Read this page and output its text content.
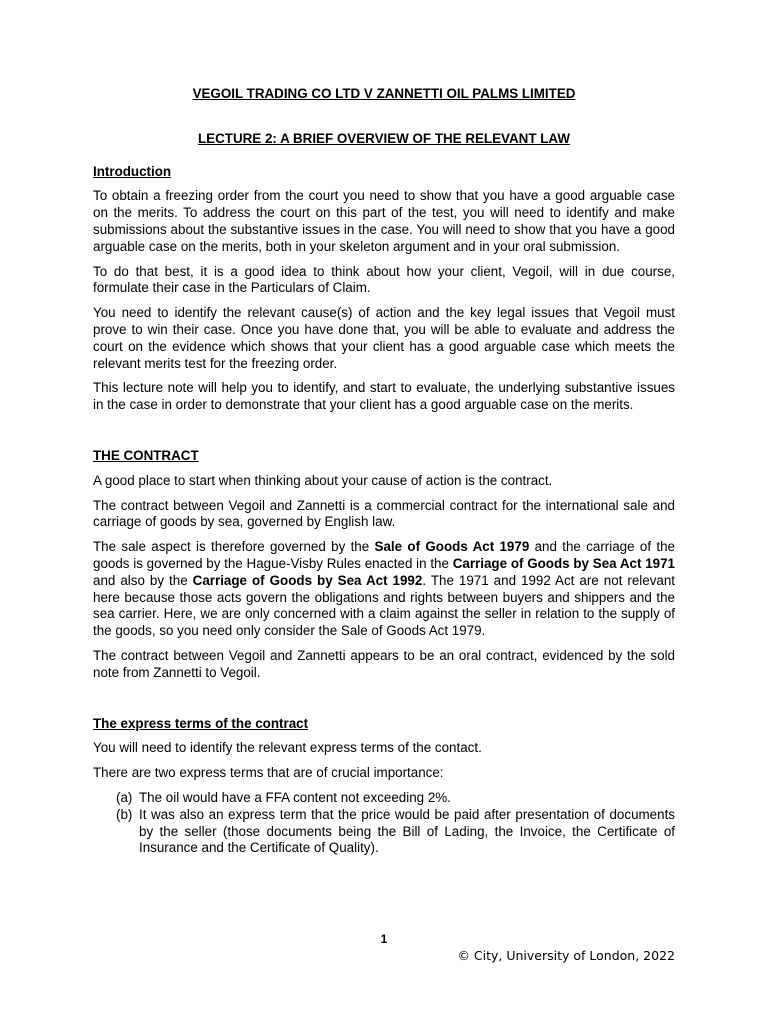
VEGOIL TRADING CO LTD V ZANNETTI OIL PALMS LIMITED
LECTURE 2: A BRIEF OVERVIEW OF THE RELEVANT LAW
Introduction

To obtain a freezing order from the court you need to show that you have a good arguable case on the merits. To address the court on this part of the test, you will need to identify and make submissions about the substantive issues in the case. You will need to show that you have a good arguable case on the merits, both in your skeleton argument and in your oral submission.

To do that best, it is a good idea to think about how your client, Vegoil, will in due course, formulate their case in the Particulars of Claim.

You need to identify the relevant cause(s) of action and the key legal issues that Vegoil must prove to win their case. Once you have done that, you will be able to evaluate and address the court on the evidence which shows that your client has a good arguable case which meets the relevant merits test for the freezing order.

This lecture note will help you to identify, and start to evaluate, the underlying substantive issues in the case in order to demonstrate that your client has a good arguable case on the merits.

THE CONTRACT

A good place to start when thinking about your cause of action is the contract.

The contract between Vegoil and Zannetti is a commercial contract for the international sale and carriage of goods by sea, governed by English law.

The sale aspect is therefore governed by the Sale of Goods Act 1979 and the carriage of the goods is governed by the Hague-Visby Rules enacted in the Carriage of Goods by Sea Act 1971 and also by the Carriage of Goods by Sea Act 1992. The 1971 and 1992 Act are not relevant here because those acts govern the obligations and rights between buyers and shippers and the sea carrier. Here, we are only concerned with a claim against the seller in relation to the supply of the goods, so you need only consider the Sale of Goods Act 1979.

The contract between Vegoil and Zannetti appears to be an oral contract, evidenced by the sold note from Zannetti to Vegoil.

The express terms of the contract

You will need to identify the relevant express terms of the contact.

There are two express terms that are of crucial importance:

(a) The oil would have a FFA content not exceeding 2%.
(b) It was also an express term that the price would be paid after presentation of documents by the seller (those documents being the Bill of Lading, the Invoice, the Certificate of Insurance and the Certificate of Quality).
1
© City, University of London, 2022
